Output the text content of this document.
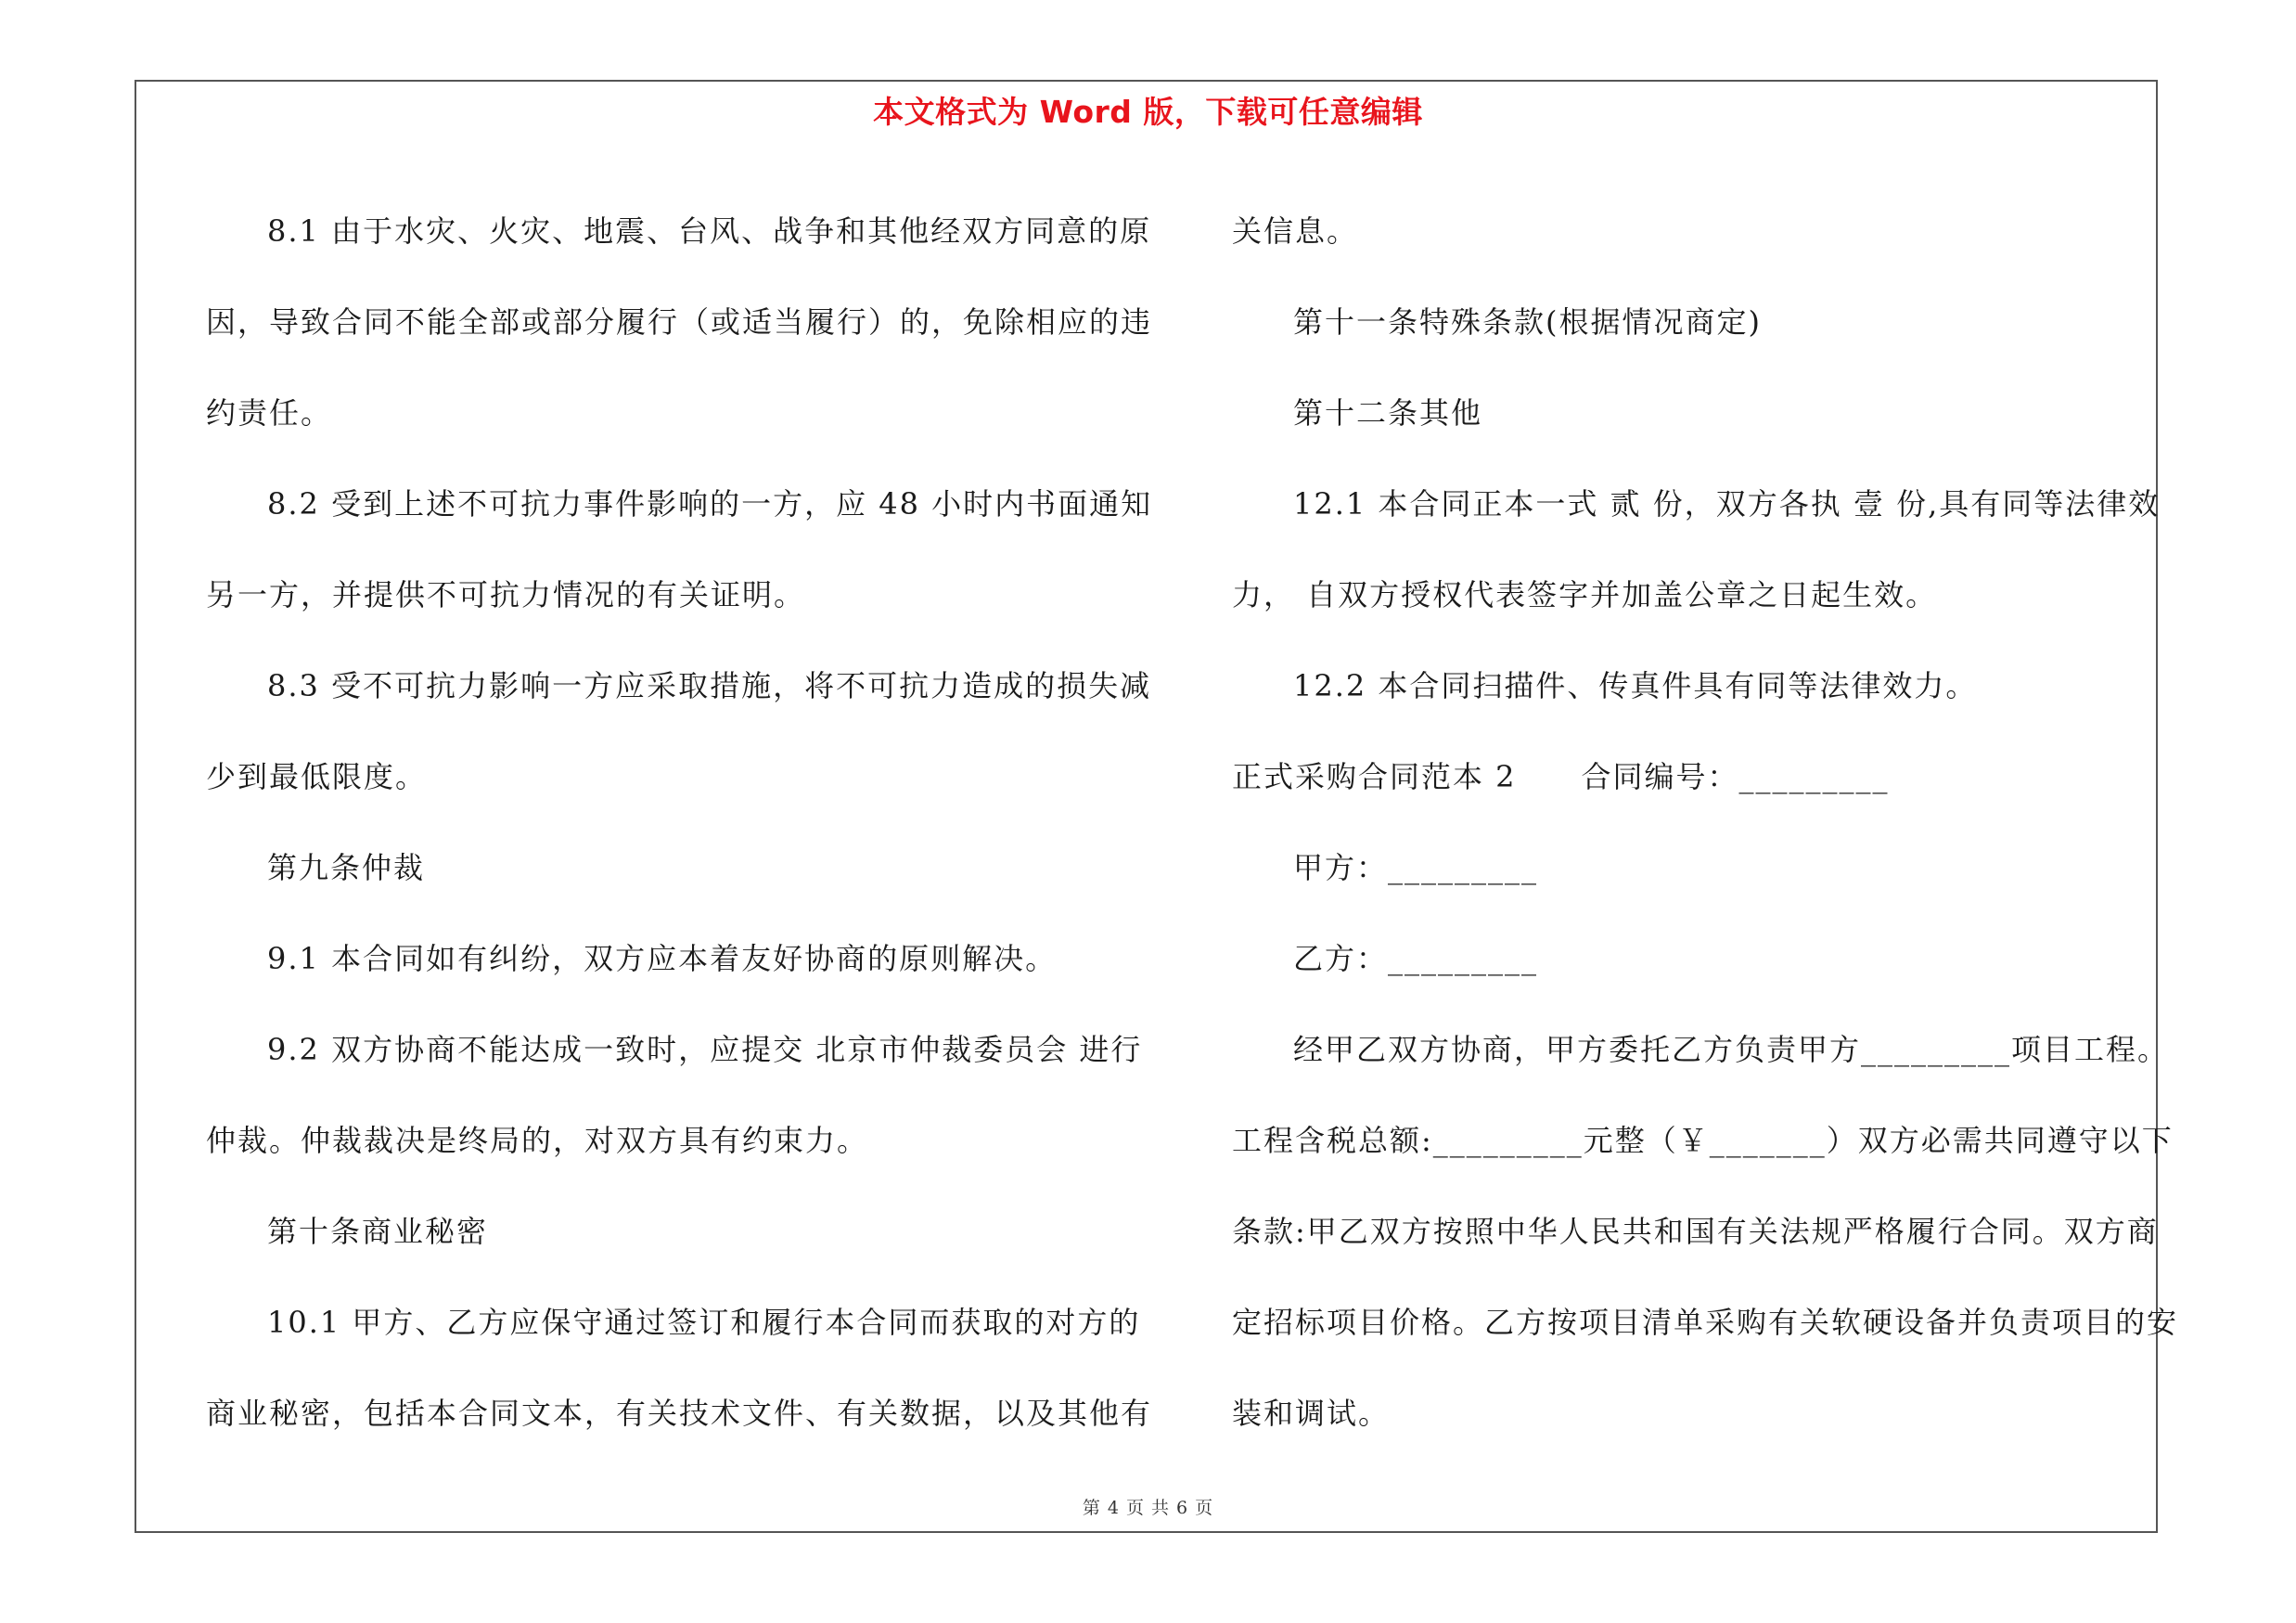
本文格式为 Word 版，下载可任意编辑
8.1 由于水灾、火灾、地震、台风、战争和其他经双方同意的原
因，导致合同不能全部或部分履行（或适当履行）的，免除相应的违
约责任。
8.2 受到上述不可抗力事件影响的一方，应 48 小时内书面通知
另一方，并提供不可抗力情况的有关证明。
8.3 受不可抗力影响一方应采取措施，将不可抗力造成的损失减
少到最低限度。
第九条仲裁
9.1 本合同如有纠纷，双方应本着友好协商的原则解决。
9.2 双方协商不能达成一致时，应提交 北京市仲裁委员会 进行
仲裁。仲裁裁决是终局的，对双方具有约束力。
第十条商业秘密
10.1 甲方、乙方应保守通过签订和履行本合同而获取的对方的
商业秘密，包括本合同文本，有关技术文件、有关数据，以及其他有
关信息。
第十一条特殊条款(根据情况商定)
第十二条其他
12.1 本合同正本一式 贰 份，双方各执 壹 份,具有同等法律效
力， 自双方授权代表签字并加盖公章之日起生效。
12.2 本合同扫描件、传真件具有同等法律效力。
正式采购合同范本 2 合同编号：_________
甲方：_________
乙方：_________
经甲乙双方协商，甲方委托乙方负责甲方_________项目工程。
工程含税总额:_________元整（￥_______）双方必需共同遵守以下
条款:甲乙双方按照中华人民共和国有关法规严格履行合同。双方商
定招标项目价格。乙方按项目清单采购有关软硬设备并负责项目的安
装和调试。
第 4 页 共 6 页
